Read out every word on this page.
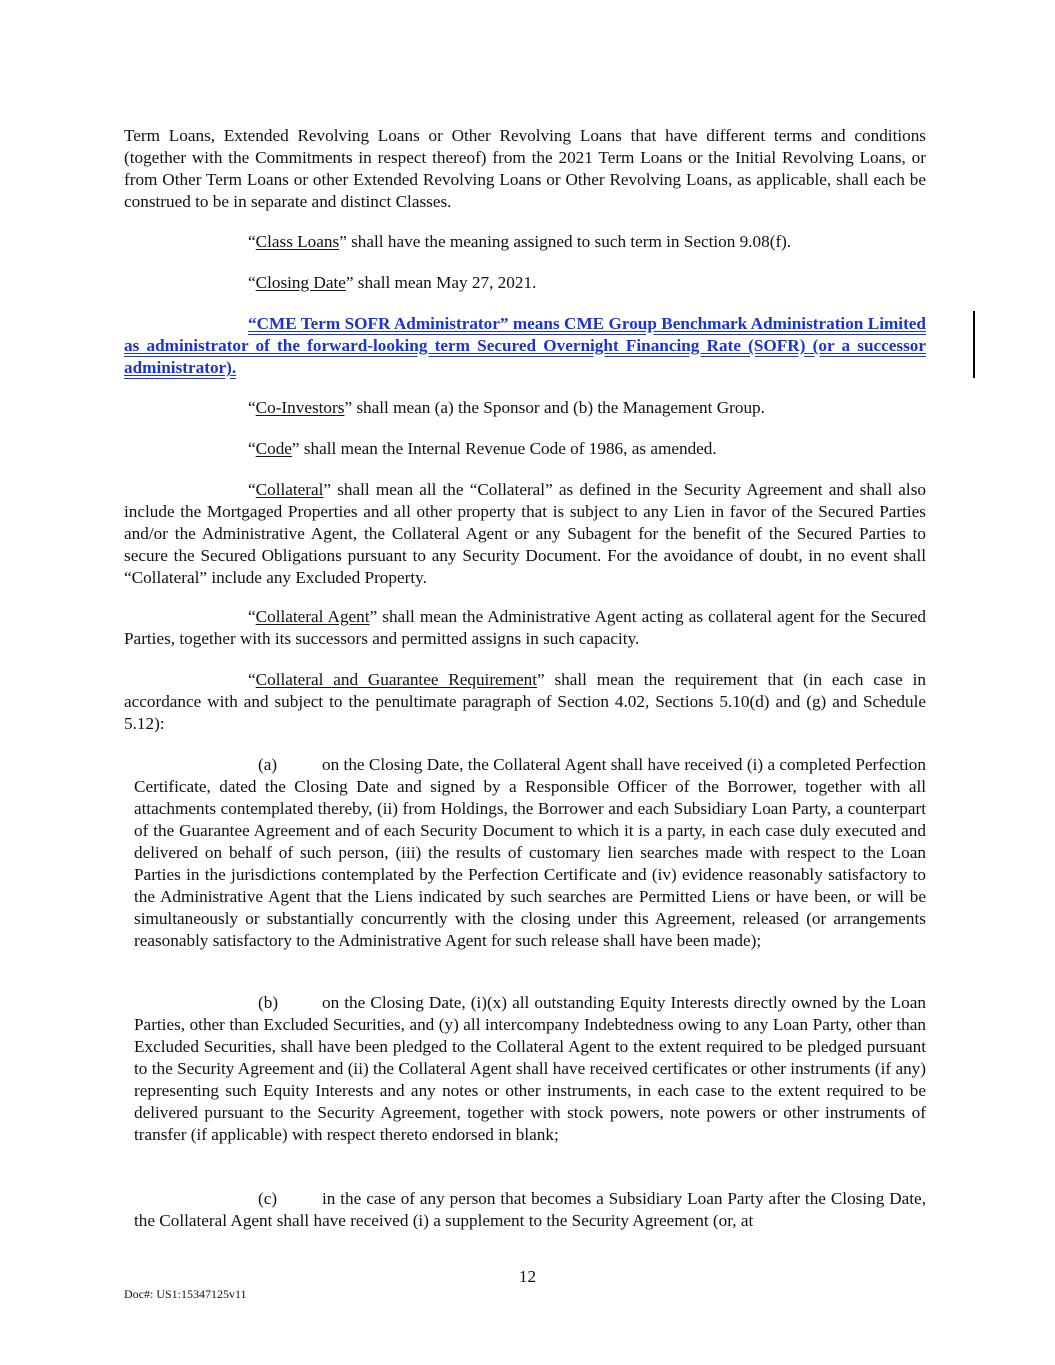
Term Loans, Extended Revolving Loans or Other Revolving Loans that have different terms and conditions (together with the Commitments in respect thereof) from the 2021 Term Loans or the Initial Revolving Loans, or from Other Term Loans or other Extended Revolving Loans or Other Revolving Loans, as applicable, shall each be construed to be in separate and distinct Classes.

“Class Loans” shall have the meaning assigned to such term in Section 9.08(f).

“Closing Date” shall mean May 27, 2021.

“CME Term SOFR Administrator” means CME Group Benchmark Administration Limited as administrator of the forward-looking term Secured Overnight Financing Rate (SOFR) (or a successor administrator).

“Co-Investors” shall mean (a) the Sponsor and (b) the Management Group.

“Code” shall mean the Internal Revenue Code of 1986, as amended.

“Collateral” shall mean all the “Collateral” as defined in the Security Agreement and shall also include the Mortgaged Properties and all other property that is subject to any Lien in favor of the Secured Parties and/or the Administrative Agent, the Collateral Agent or any Subagent for the benefit of the Secured Parties to secure the Secured Obligations pursuant to any Security Document. For the avoidance of doubt, in no event shall “Collateral” include any Excluded Property.

“Collateral Agent” shall mean the Administrative Agent acting as collateral agent for the Secured Parties, together with its successors and permitted assigns in such capacity.

“Collateral and Guarantee Requirement” shall mean the requirement that (in each case in accordance with and subject to the penultimate paragraph of Section 4.02, Sections 5.10(d) and (g) and Schedule 5.12):

(a)	on the Closing Date, the Collateral Agent shall have received (i) a completed Perfection Certificate, dated the Closing Date and signed by a Responsible Officer of the Borrower, together with all attachments contemplated thereby, (ii) from Holdings, the Borrower and each Subsidiary Loan Party, a counterpart of the Guarantee Agreement and of each Security Document to which it is a party, in each case duly executed and delivered on behalf of such person, (iii) the results of customary lien searches made with respect to the Loan Parties in the jurisdictions contemplated by the Perfection Certificate and (iv) evidence reasonably satisfactory to the Administrative Agent that the Liens indicated by such searches are Permitted Liens or have been, or will be simultaneously or substantially concurrently with the closing under this Agreement, released (or arrangements reasonably satisfactory to the Administrative Agent for such release shall have been made);

(b)	on the Closing Date, (i)(x) all outstanding Equity Interests directly owned by the Loan Parties, other than Excluded Securities, and (y) all intercompany Indebtedness owing to any Loan Party, other than Excluded Securities, shall have been pledged to the Collateral Agent to the extent required to be pledged pursuant to the Security Agreement and (ii) the Collateral Agent shall have received certificates or other instruments (if any) representing such Equity Interests and any notes or other instruments, in each case to the extent required to be delivered pursuant to the Security Agreement, together with stock powers, note powers or other instruments of transfer (if applicable) with respect thereto endorsed in blank;

(c)	in the case of any person that becomes a Subsidiary Loan Party after the Closing Date, the Collateral Agent shall have received (i) a supplement to the Security Agreement (or, at

12
Doc#: US1:15347125v11
